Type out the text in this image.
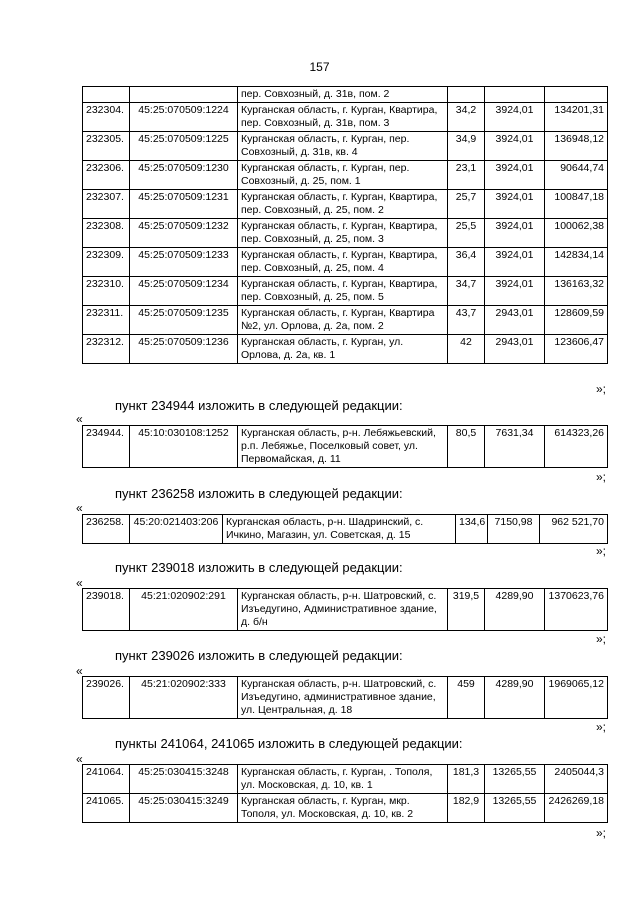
157
		пер. Совхозный, д. 31в, пом. 2			
232304.	45:25:070509:1224	Курганская область, г. Курган, Квартира, пер. Совхозный, д. 31в, пом. 3	34,2	3924,01	134201,31
232305.	45:25:070509:1225	Курганская область, г. Курган, пер. Совхозный, д. 31в, кв. 4	34,9	3924,01	136948,12
232306.	45:25:070509:1230	Курганская область, г. Курган, пер. Совхозный, д. 25, пом. 1	23,1	3924,01	90644,74
232307.	45:25:070509:1231	Курганская область, г. Курган, Квартира, пер. Совхозный, д. 25, пом. 2	25,7	3924,01	100847,18
232308.	45:25:070509:1232	Курганская область, г. Курган, Квартира, пер. Совхозный, д. 25, пом. 3	25,5	3924,01	100062,38
232309.	45:25:070509:1233	Курганская область, г. Курган, Квартира, пер. Совхозный, д. 25, пом. 4	36,4	3924,01	142834,14
232310.	45:25:070509:1234	Курганская область, г. Курган, Квартира, пер. Совхозный, д. 25, пом. 5	34,7	3924,01	136163,32
232311.	45:25:070509:1235	Курганская область, г. Курган, Квартира №2, ул. Орлова, д. 2а, пом. 2	43,7	2943,01	128609,59
232312.	45:25:070509:1236	Курганская область, г. Курган, ул. Орлова, д. 2а, кв. 1	42	2943,01	123606,47
»;
пункт 234944 изложить в следующей редакции:
«
234944.	45:10:030108:1252	Курганская область, р-н. Лебяжьевский, р.п. Лебяжье, Поселковый совет, ул. Первомайская, д. 11	80,5	7631,34	614323,26
»;
пункт 236258 изложить в следующей редакции:
«
236258.	45:20:021403:206	Курганская область, р-н. Шадринский, с. Ичкино, Магазин, ул. Советская, д. 15	134,6	7150,98	962 521,70
»;
пункт 239018 изложить в следующей редакции:
«
239018.	45:21:020902:291	Курганская область, р-н. Шатровский, с. Изъедугино, Административное здание, д. б/н	319,5	4289,90	1370623,76
»;
пункт 239026 изложить в следующей редакции:
«
239026.	45:21:020902:333	Курганская область, р-н. Шатровский, с. Изъедугино, административное здание, ул. Центральная, д. 18	459	4289,90	1969065,12
»;
пункты 241064, 241065 изложить в следующей редакции:
«
241064.	45:25:030415:3248	Курганская область, г. Курган, . Тополя, ул. Московская, д. 10, кв. 1	181,3	13265,55	2405044,3
241065.	45:25:030415:3249	Курганская область, г. Курган, мкр. Тополя, ул. Московская, д. 10, кв. 2	182,9	13265,55	2426269,18
»;
